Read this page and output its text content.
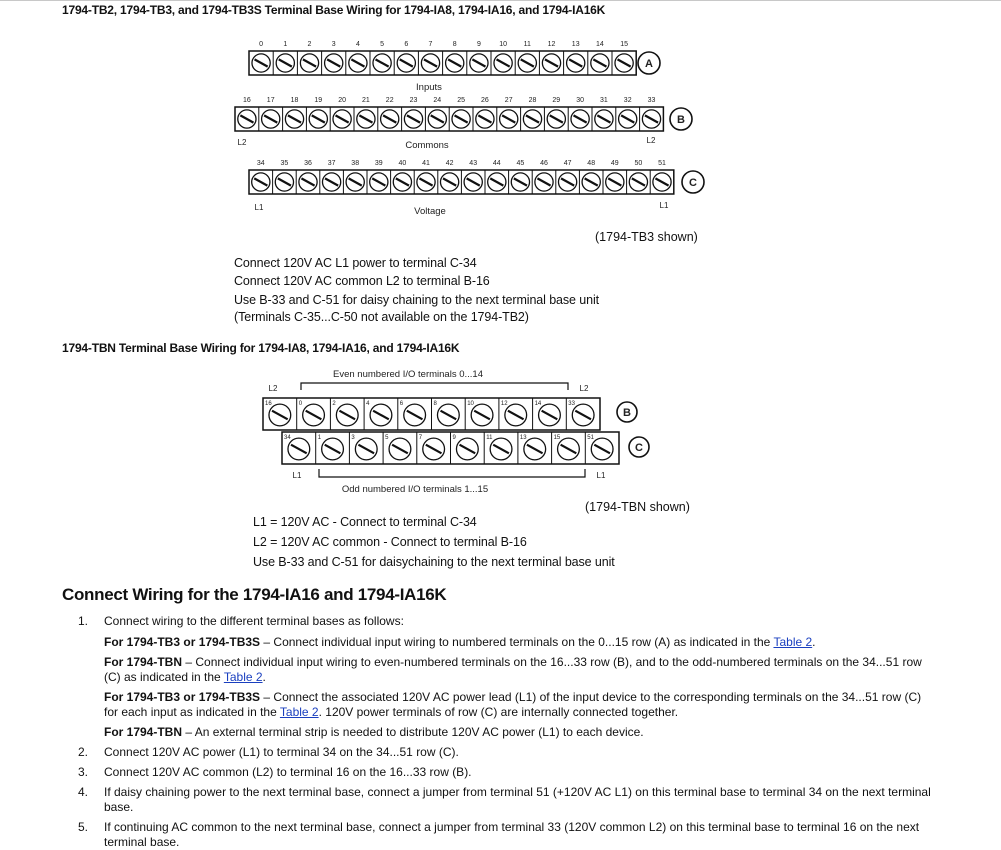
1794-TB2, 1794-TB3, and 1794-TB3S Terminal Base Wiring for 1794-IA8, 1794-IA16, and 1794-IA16K
0	1	2	3	4	5	6	7	8	9	10 11 12 13 14 15
16 17 18 19 20 21 22 23 24 25 26 27 28 29 30 31 32 33
34 35 36 37 38 39 40 41 42 43 44 45 46 47 48 49 50 51
Inputs
Commons
Voltage
L2	L2
L1	L1
A
B
C
(1794-TB3 shown)
Connect 120V AC L1 power to terminal C-34
Connect 120V AC common L2 to terminal B-16
Use B-33 and C-51 for daisy chaining to the next terminal base unit
(Terminals C-35...C-50 not available on the 1794-TB2)
1794-TBN Terminal Base Wiring for 1794-IA8, 1794-IA16, and 1794-IA16K
Even numbered I/O terminals 0...14
L2	L2
16	0	2	4	6	8	10	12	14	33
34	1	3	5	7	9	11	13	15	51
L1	L1
Odd numbered I/O terminals 1...15
B
C
(1794-TBN shown)
L1 = 120V AC - Connect to terminal C-34
L2 = 120V AC common - Connect to terminal B-16
Use B-33 and C-51 for daisychaining to the next terminal base unit
Connect Wiring for the 1794-IA16 and 1794-IA16K
1. Connect wiring to the different terminal bases as follows:
For 1794-TB3 or 1794-TB3S – Connect individual input wiring to numbered terminals on the 0...15 row (A) as indicated in the Table 2.
For 1794-TBN – Connect individual input wiring to even-numbered terminals on the 16...33 row (B), and to the odd-numbered terminals on the 34...51 row (C) as indicated in the Table 2.
For 1794-TB3 or 1794-TB3S – Connect the associated 120V AC power lead (L1) of the input device to the corresponding terminals on the 34...51 row (C) for each input as indicated in the Table 2. 120V power terminals of row (C) are internally connected together.
For 1794-TBN – An external terminal strip is needed to distribute 120V AC power (L1) to each device.
2. Connect 120V AC power (L1) to terminal 34 on the 34...51 row (C).
3. Connect 120V AC common (L2) to terminal 16 on the 16...33 row (B).
4. If daisy chaining power to the next terminal base, connect a jumper from terminal 51 (+120V AC L1) on this terminal base to terminal 34 on the next terminal base.
5. If continuing AC common to the next terminal base, connect a jumper from terminal 33 (120V common L2) on this terminal base to terminal 16 on the next terminal base.
